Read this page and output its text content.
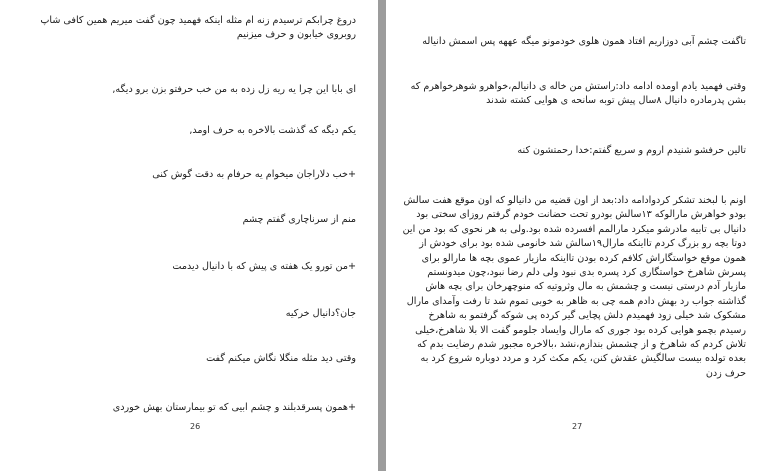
دروغ چرابکم ترسیدم زنه ام مثله اینکه فهمید چون گفت میریم همین کافی شاپ روبروی خیابون و حرف میزنیم
ای بابا این چرا یه ریه زل زده به من خب حرفتو بزن برو دیگه,
یکم دیگه که گذشت بالاخره به حرف اومد,
+خب دلاراجان میخوام یه حرفام به دقت گوش کنی
منم از سرناچاری گفتم چشم
+من تورو یک هفته ی پیش که با دانیال دیدمت
جان؟دانیال خرکیه
وقتی دید مثله منگلا نگاش میکنم گفت
+همون پسرقدبلند و چشم ابیی که تو بیمارستان بهش خوردی
26
تاگفت چشم آبی دوزاریم افتاد همون هلوی خودمونو میگه عههه پس اسمش دانیاله
وقتی فهمید یادم اومده ادامه داد:راستش من خاله ی دانیالم،خواهرو شوهرخواهرم که بشن پدرمادره دانیال ۸سال پیش توبه سانحه ی هوایی کشته شدند
تالین حرفشو شنیدم اروم و سریع گفتم:خدا رحمتشون کنه
اونم با لبخند تشکر کردوادامه داد:بعد از اون قضیه من دانیالو که اون موقع هفت سالش بودو خواهرش مارالوکه ۱۳سالش بودرو تحت حضانت خودم گرفتم روزای سختی بود دانیال بی تابیه مادرشو میکرد مارالمم افسرده شده بود.ولی به هر نحوی که بود من این دوتا بچه رو بزرگ کردم تااینکه مارال۱۹سالش شد خانومی شده بود برای خودش از همون موقع خواستگاراش کلافم کرده بودن تااینکه مازیار عموی بچه ها مارالو برای پسرش شاهرخ خواستگاری کرد پسره بدی نبود ولی دلم رضا نبود،چون میدونستم مازیار آدم درستی نیست و چشمش به مال وثروتیه که منوچهرخان برای بچه هاش گذاشته جواب رد بهش دادم همه چی به ظاهر به خوبی تموم شد تا رفت وآمدای مارال مشکوک شد خیلی زود فهمیدم دلش پچایی گیر کرده پی شوکه گرفتمو به شاهرخ رسیدم بچمو هوایی کرده بود جوری که مارال وایساد جلومو گفت الا بلا شاهرخ،خیلی تلاش کردم که شاهرخ و از چشمش بندازم،نشد ،بالاخره مجبور شدم رضایت بدم که بعده تولده بیست سالگیش عقدش کنن، یکم مکث کرد و مردد دوباره شروع کرد به حرف زدن
27
